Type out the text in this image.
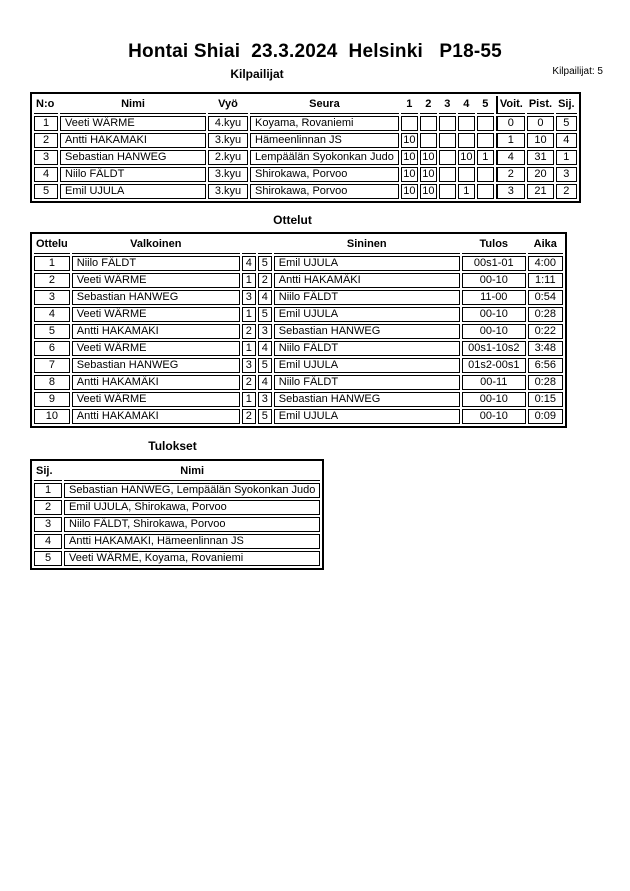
Hontai Shiai  23.3.2024  Helsinki   P18-55
Kilpailijat	Kilpailijat: 5
N:o	Nimi	Vyö	Seura	1	2	3	4	5	Voit.	Pist.	Sij.
1	Veeti WÄRME	4.kyu	Koyama, Rovaniemi						0	0	5
2	Antti HAKAMAKI	3.kyu	Hämeenlinnan JS	10					1	10	4
3	Sebastian HANWEG	2.kyu	Lempäälän Syokonkan Judo	10	10		10	1	4	31	1
4	Niilo FÄLDT	3.kyu	Shirokawa, Porvoo	10	10				2	20	3
5	Emil UJULA	3.kyu	Shirokawa, Porvoo	10	10		1		3	21	2
Ottelut
Ottelu	Valkoinen			Sininen	Tulos	Aika
1	Niilo FÄLDT	4	5	Emil UJULA	00s1-01	4:00
2	Veeti WÄRME	1	2	Antti HAKAMÄKI	00-10	1:11
3	Sebastian HANWEG	3	4	Niilo FÄLDT	11-00	0:54
4	Veeti WÄRME	1	5	Emil UJULA	00-10	0:28
5	Antti HAKAMAKI	2	3	Sebastian HANWEG	00-10	0:22
6	Veeti WÄRME	1	4	Niilo FÄLDT	00s1-10s2	3:48
7	Sebastian HANWEG	3	5	Emil UJULA	01s2-00s1	6:56
8	Antti HAKAMÄKI	2	4	Niilo FÄLDT	00-11	0:28
9	Veeti WÄRME	1	3	Sebastian HANWEG	00-10	0:15
10	Antti HAKAMAKI	2	5	Emil UJULA	00-10	0:09
Tulokset
Sij.	Nimi
1	Sebastian HANWEG, Lempäälän Syokonkan Judo
2	Emil UJULA, Shirokawa, Porvoo
3	Niilo FÄLDT, Shirokawa, Porvoo
4	Antti HAKAMAKI, Hämeenlinnan JS
5	Veeti WÄRME, Koyama, Rovaniemi
